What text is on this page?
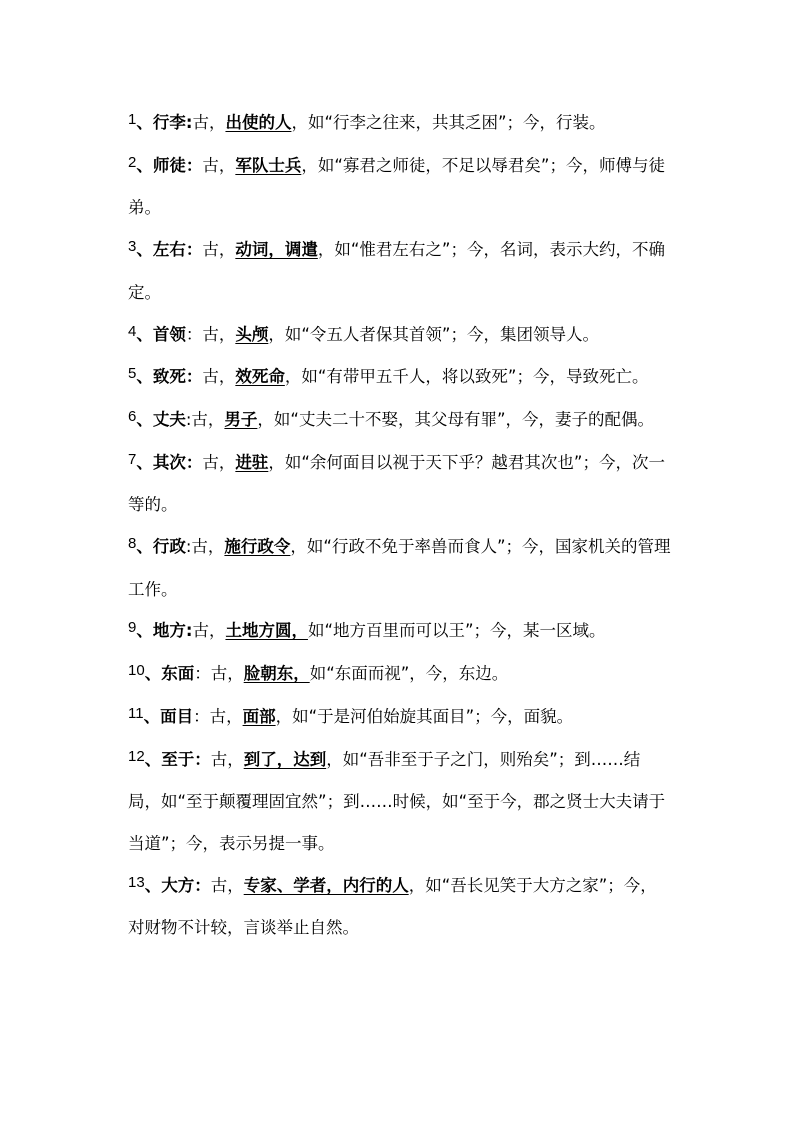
1、行李:古，出使的人，如“行李之往来，共其乏困”；今，行装。

2、师徒：古，军队士兵，如“寡君之师徒，不足以辱君矣”；今，师傅与徒弟。

3、左右：古，动词，调遣，如“惟君左右之”；今，名词，表示大约，不确定。

4、首领：古，头颅，如“令五人者保其首领”；今，集团领导人。

5、致死：古，效死命，如“有带甲五千人，将以致死”；今，导致死亡。

6、丈夫:古，男子，如“丈夫二十不娶，其父母有罪”，今，妻子的配偶。

7、其次：古，进驻，如“余何面目以视于天下乎？越君其次也”；今，次一等的。

8、行政:古，施行政令，如“行政不免于率兽而食人”；今，国家机关的管理工作。

9、地方:古，土地方圆，如“地方百里而可以王”；今，某一区域。

10、东面：古，脸朝东，如“东面而视”，今，东边。

11、面目：古，面部，如“于是河伯始旋其面目”；今，面貌。

12、至于：古，到了，达到，如“吾非至于子之门，则殆矣”；到……结局，如“至于颠覆理固宜然”；到……时候，如“至于今，郡之贤士大夫请于当道”；今，表示另提一事。

13、大方：古，专家、学者，内行的人，如“吾长见笑于大方之家”；今，对财物不计较，言谈举止自然。
